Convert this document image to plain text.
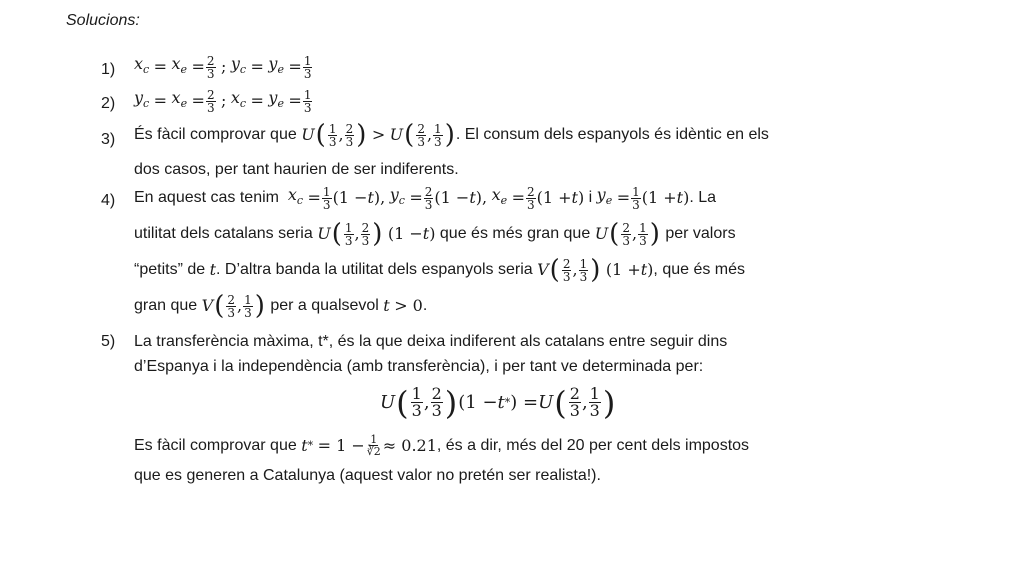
Solucions:
1) $x_c$
=
$x_e$
= $\frac{2}{3}$
;
$y_c$
=
$y_e$
= $\frac{1}{3}$
2) $y_c$
=
$x_e$
= $\frac{2}{3}$
;
$x_c$
=
$y_e$
= $\frac{1}{3}$
3) És fàcil comprovar que
U ( $\frac{1}{3}$ , $\frac{2}{3}$ )
>
U ( $\frac{2}{3}$ , $\frac{1}{3}$ ) . El consum dels espanyols és idèntic en els
dos casos, per tant haurien de ser indiferents.
4) En aquest cas tenim
$x_c$
= $\frac{1}{3} (1 - t$ ),
$y_c$
= $\frac{2}{3} (1 - t$ ),
$x_e$
= $\frac{2}{3} (1 + t$ ) i $y_e$
= $\frac{1}{3} (1 + t$ ) . La
utilitat dels catalans seria
U ( $\frac{1}{3}$ , $\frac{2}{3}$ )
(1 − t )
que és més gran que
U ( $\frac{2}{3}$ , $\frac{1}{3}$ )
per valors
“petits” de
t . D’altra banda la utilitat dels espanyols seria
V ( $\frac{2}{3}$ , $\frac{1}{3}$ )
(1 + t ) , que és més
gran que
V ( $\frac{2}{3}$ , $\frac{1}{3}$ )
per a qualsevol
t
> 0 .
5) La transferència màxima, t*, és la que deixa indiferent als catalans entre seguir dins
d’Espanya i la independència (amb transferència), i per tant ve determinada per:
Es fàcil comprovar que
t *
= $1 - \frac{1}{∛2} \approx 0.21$ , és a dir, més del 20 per cent dels impostos
que es generen a Catalunya (aquest valor no pretén ser realista!).
U ( $\frac{1}{3}$ , $\frac{2}{3}$ ) (1 − t * ) = U ( $\frac{2}{3}$ , $\frac{1}{3}$ )
